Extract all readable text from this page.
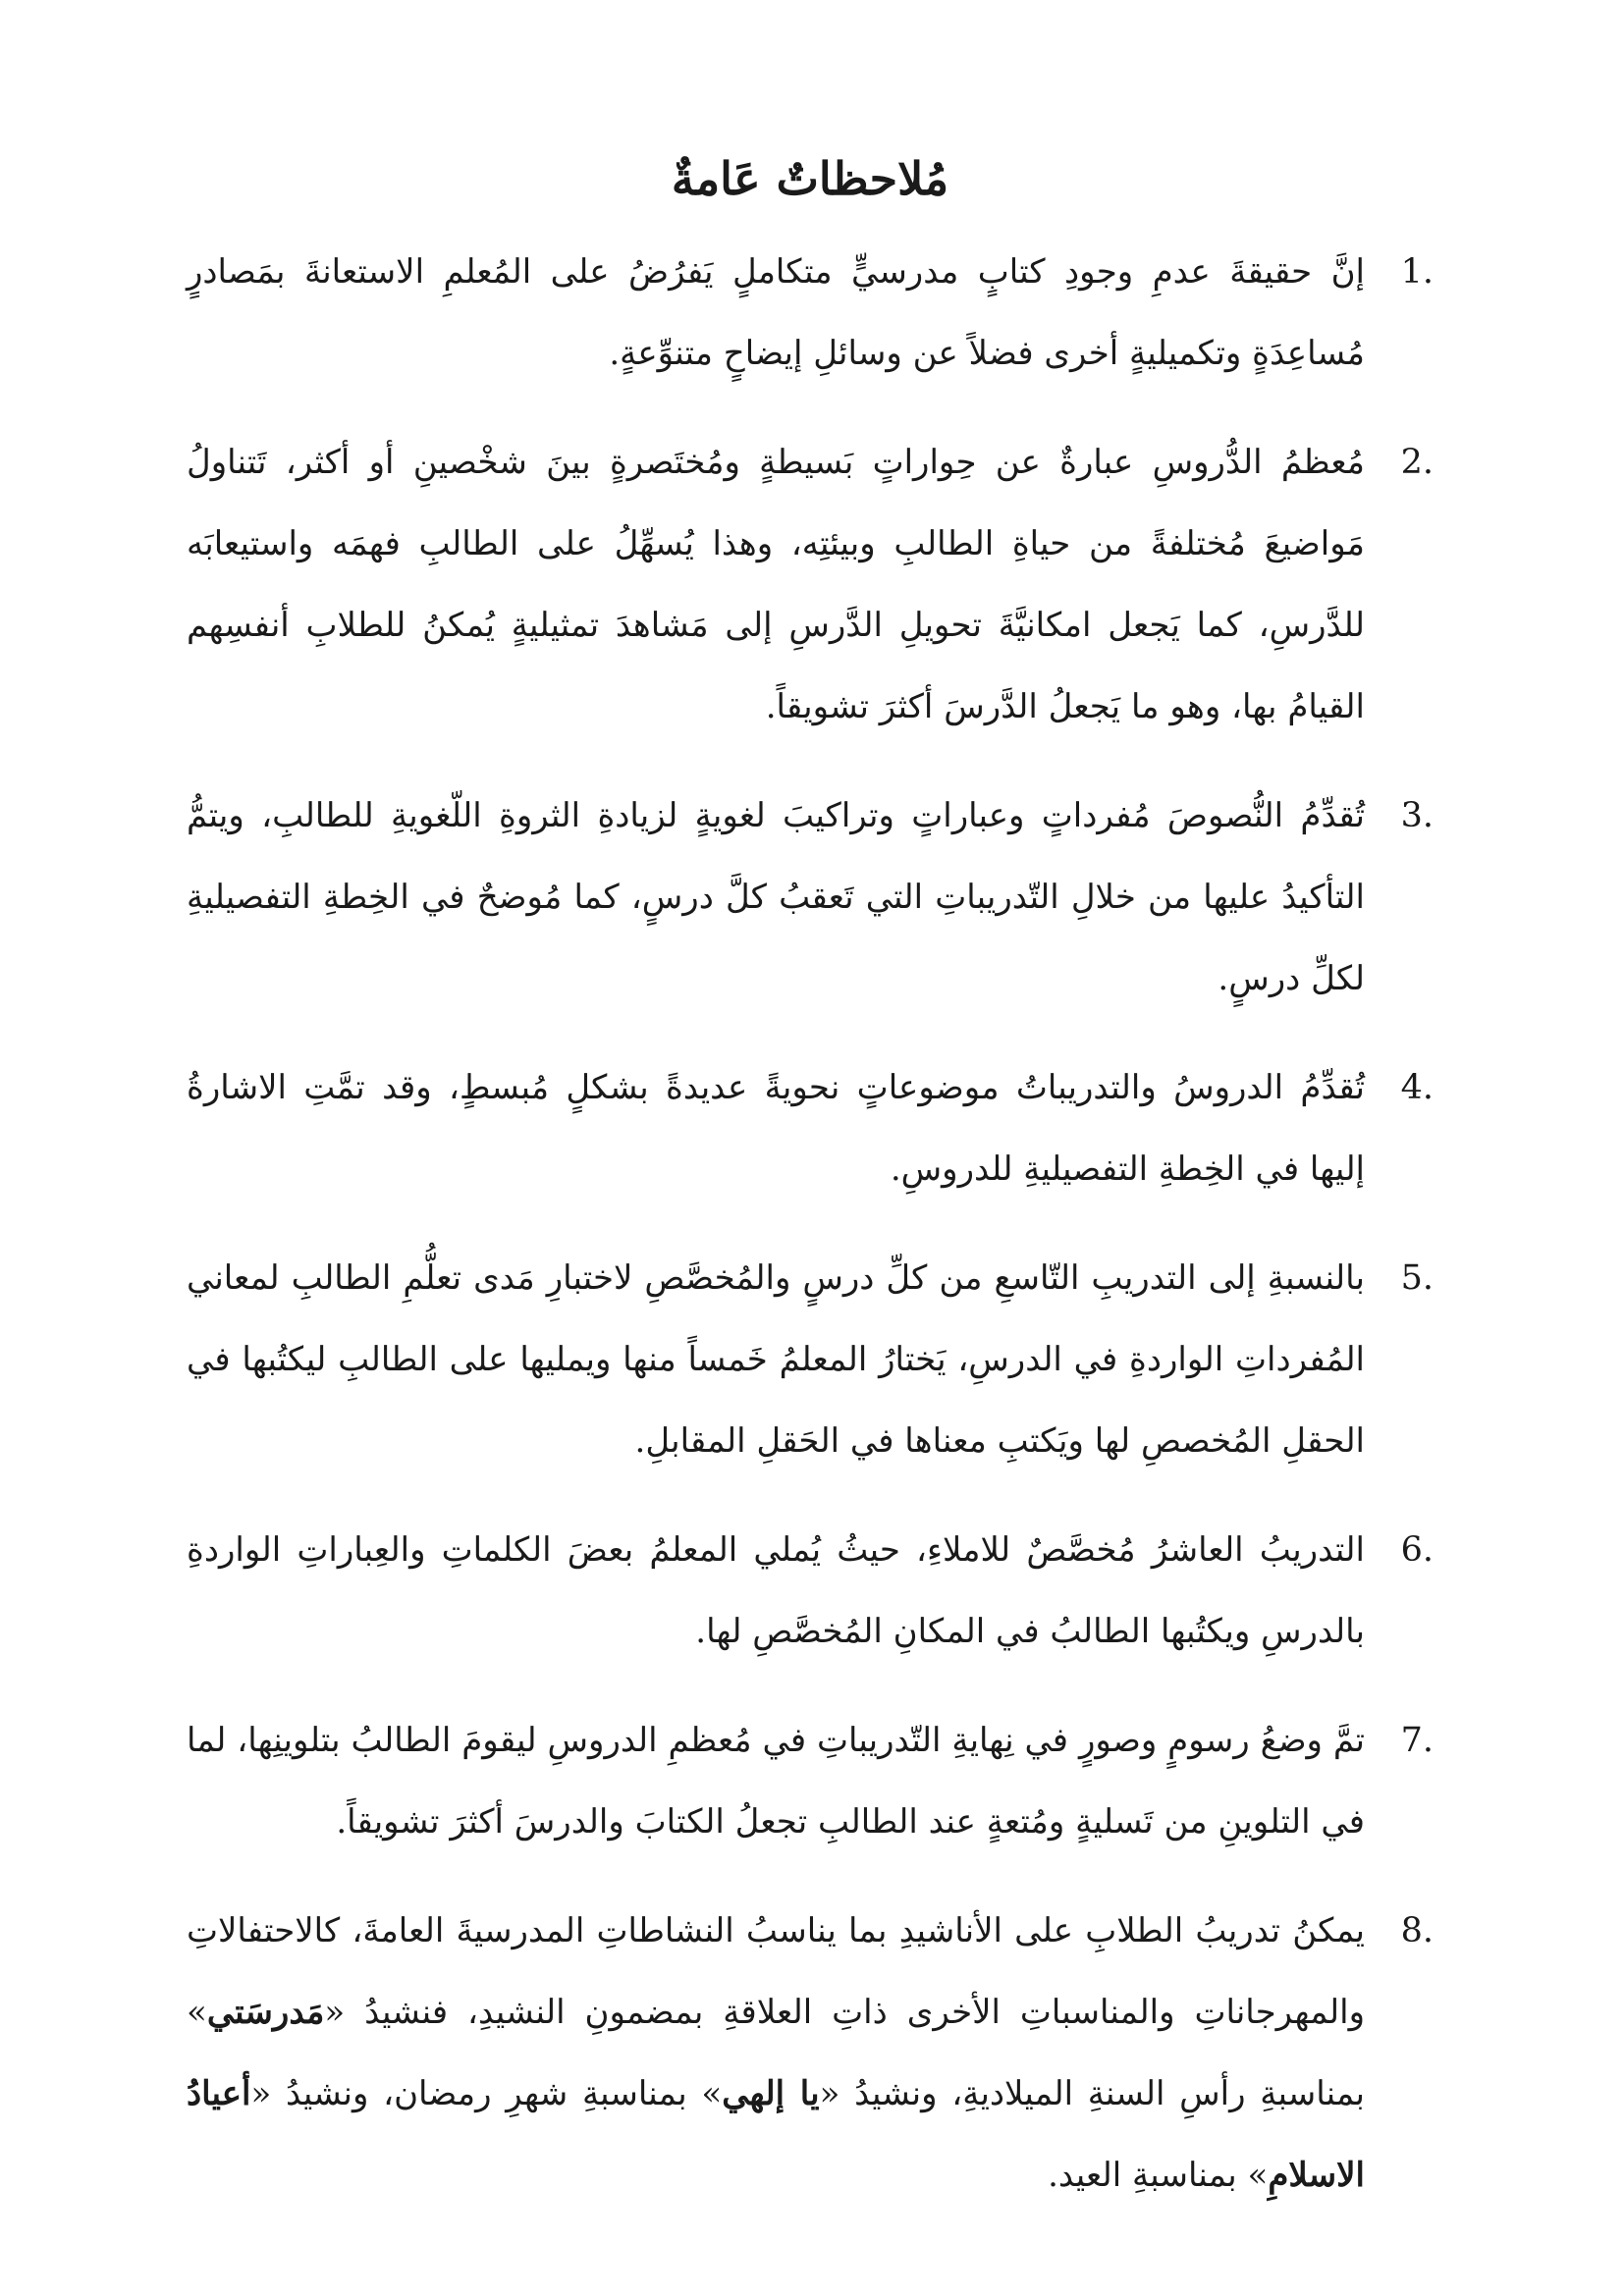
مُلاحظاتٌ عَامةٌ
1.

إنَّ حقيقةَ عدمِ وجودِ كتابٍ مدرسيٍّ متكاملٍ يَفرُضُ على المُعلمِ الاستعانةَ بمَصادرٍ مُساعِدَةٍ وتكميليةٍ أخرى فضلاً عن وسائلِ إيضاحٍ متنوِّعةٍ.

2.

مُعظمُ الدُّروسِ عبارةٌ عن حِواراتٍ بَسيطةٍ ومُختَصرةٍ بينَ شخْصينِ أو أكثر، تَتناولُ مَواضيعَ مُختلفةً من حياةِ الطالبِ وبيئتِه، وهذا يُسهِّلُ على الطالبِ فهمَه واستيعابَه للدَّرسِ، كما يَجعل امكانيَّةَ تحويلِ الدَّرسِ إلى مَشاهدَ تمثيليةٍ يُمكنُ للطلابِ أنفسِهم القيامُ بها، وهو ما يَجعلُ الدَّرسَ أكثرَ تشويقاً.

3.

تُقدِّمُ النُّصوصَ مُفرداتٍ وعباراتٍ وتراكيبَ لغويةٍ لزيادةِ الثروةِ اللّغويةِ للطالبِ، ويتمُّ التأكيدُ عليها من خلالِ التّدريباتِ التي تَعقبُ كلَّ درسٍ، كما مُوضحٌ في الخِطةِ التفصيليةِ لكلِّ درسٍ.

4.

تُقدِّمُ الدروسُ والتدريباتُ موضوعاتٍ نحويةً عديدةً بشكلٍ مُبسطٍ، وقد تمَّتِ الاشارةُ إليها في الخِطةِ التفصيليةِ للدروسِ.

5.

بالنسبةِ إلى التدريبِ التّاسعِ من كلِّ درسٍ والمُخصَّصِ لاختبارِ مَدى تعلُّمِ الطالبِ لمعاني المُفرداتِ الواردةِ في الدرسِ، يَختارُ المعلمُ خَمساً منها ويمليها على الطالبِ ليكتُبها في الحقلِ المُخصصِ لها ويَكتبِ معناها في الحَقلِ المقابلِ.

6.

التدريبُ العاشرُ مُخصَّصٌ للاملاءِ، حيثُ يُملي المعلمُ بعضَ الكلماتِ والعِباراتِ الواردةِ بالدرسِ ويكتُبها الطالبُ في المكانِ المُخصَّصِ لها.

7.

تمَّ وضعُ رسومٍ وصورٍ في نِهايةِ التّدريباتِ في مُعظمِ الدروسِ ليقومَ الطالبُ بتلوينِها، لما في التلوينِ من تَسليةٍ ومُتعةٍ عند الطالبِ تجعلُ الكتابَ والدرسَ أكثرَ تشويقاً.

8.

يمكنُ تدريبُ الطلابِ على الأناشيدِ بما يناسبُ النشاطاتِ المدرسيةَ العامةَ، كالاحتفالاتِ والمهرجاناتِ والمناسباتِ الأخرى ذاتِ العلاقةِ بمضمونِ النشيدِ، فنشيدُ «مَدرسَتي» بمناسبةِ رأسِ السنةِ الميلاديةِ، ونشيدُ «يا إلهي» بمناسبةِ شهرِ رمضان، ونشيدُ «أعيادُ الاسلامِ» بمناسبةِ العيد.
